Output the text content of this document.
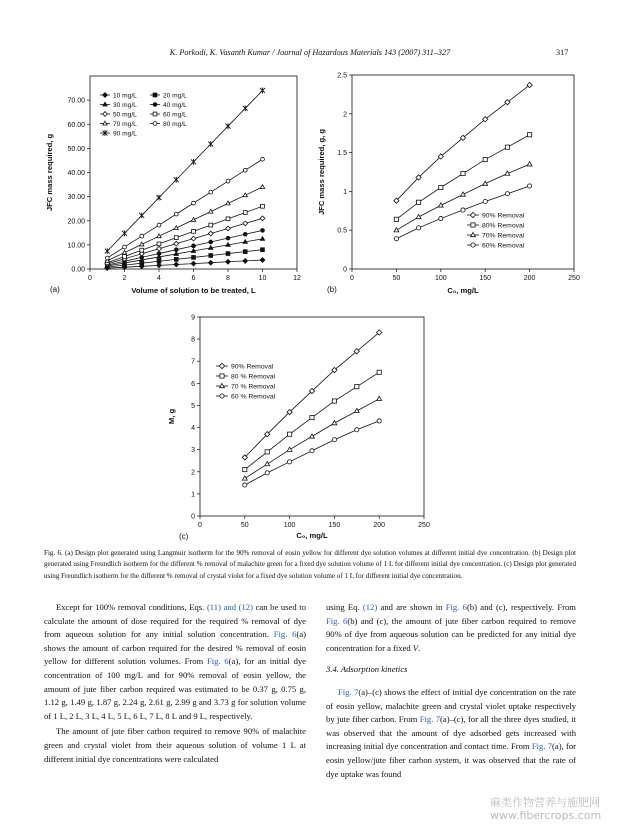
K. Porkodi, K. Vasanth Kumar / Journal of Hazardous Materials 143 (2007) 311–327	317
0	2	4	6	8	10	12
0.00
10.00
20.00
30.00
40.00
50.00
60.00
70.00
Volume of solution to be treated, L
JFC mass required, g
(a)
10 mg/L	20 mg/L
30 mg/L	40 mg/L
50 mg/L	60 mg/L
70 mg/L	80 mg/L
90 mg/L
0	50	100	150	200	250
0
0.5
1
1.5
2
2.5
C₀, mg/L
JFC mass required, g, g
(b)
90% Removal
80% Removal
70% Removal
60% Removal
0	50	100	150	200	250
0
1
2
3
4
5
6
7
8
9
C₀, mg/L
M, g
(c)
90% Removal
80 % Removal
70 % Removal
60 % Removal
Fig. 6. (a) Design plot generated using Langmuir isotherm for the 90% removal of eosin yellow for different dye solution volumes at different initial dye concentration. (b) Design plot generated using Freundlich isotherm for the different % removal of malachite green for a fixed dye solution volume of 1 L for different initial dye concentration. (c) Design plot generated using Freundlich isotherm for the different % removal of crystal violet for a fixed dye solution volume of 1 L for different initial dye concentration.

Except for 100% removal conditions, Eqs. (11) and (12) can be used to calculate the amount of dose required for the required % removal of dye from aqueous solution for any initial solution concentration. Fig. 6(a) shows the amount of carbon required for the desired % removal of eosin yellow for different solution volumes. From Fig. 6(a), for an initial dye concentration of 100 mg/L and for 90% removal of eosin yellow, the amount of jute fiber carbon required was estimated to be 0.37 g, 0.75 g, 1.12 g, 1.49 g, 1.87 g, 2.24 g, 2.61 g, 2.99 g and 3.73 g for solution volume of 1 L, 2 L, 3 L, 4 L, 5 L, 6 L, 7 L, 8 L and 9 L, respectively.

The amount of jute fiber carbon required to remove 90% of malachite green and crystal violet from their aqueous solution of volume 1 L at different initial dye concentrations were calculated

using Eq. (12) and are shown in Fig. 6(b) and (c), respectively. From Fig. 6(b) and (c), the amount of jute fiber carbon required to remove 90% of dye from aqueous solution can be predicted for any initial dye concentration for a fixed V.

3.4. Adsorption kinetics

Fig. 7(a)–(c) shows the effect of initial dye concentration on the rate of eosin yellow, malachite green and crystal violet uptake respectively by jute fiber carbon. From Fig. 7(a)–(c), for all the three dyes studied, it was observed that the amount of dye adsorbed gets increased with increasing initial dye concentration and contact time. From Fig. 7(a), for eosin yellow/jute fiber carbon system, it was observed that the rate of dye uptake was found

麻类作物营养与施肥网
www.fibercrops.com
